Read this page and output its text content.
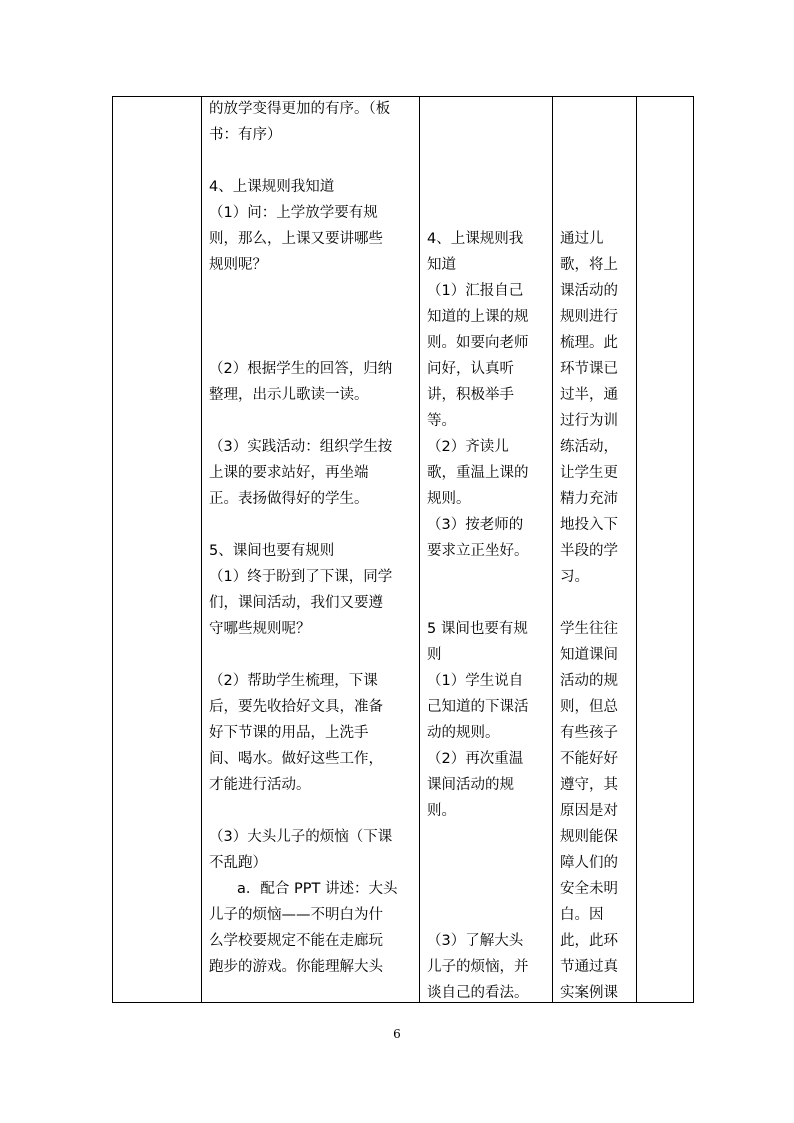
的放学变得更加的有序。（板
书：有序）
4、上课规则我知道
（1）问：上学放学要有规
则，那么，上课又要讲哪些
规则呢？
（2）根据学生的回答，归纳
整理，出示儿歌读一读。
（3）实践活动：组织学生按
上课的要求站好，再坐端
正。表扬做得好的学生。
5、课间也要有规则
（1）终于盼到了下课，同学
们，课间活动，我们又要遵
守哪些规则呢？
（2）帮助学生梳理，下课
后，要先收拾好文具，准备
好下节课的用品，上洗手
间、喝水。做好这些工作，
才能进行活动。
（3）大头儿子的烦恼（下课
不乱跑）
a．配合 PPT 讲述：大头
儿子的烦恼——不明白为什
么学校要规定不能在走廊玩
跑步的游戏。你能理解大头
4、上课规则我
知道
（1）汇报自己
知道的上课的规
则。如要向老师
问好，认真听
讲，积极举手
等。
（2）齐读儿
歌，重温上课的
规则。
（3）按老师的
要求立正坐好。
5 课间也要有规
则
（1）学生说自
己知道的下课活
动的规则。
（2）再次重温
课间活动的规
则。
（3）了解大头
儿子的烦恼，并
谈自己的看法。
通过儿
歌，将上
课活动的
规则进行
梳理。此
环节课已
过半，通
过行为训
练活动，
让学生更
精力充沛
地投入下
半段的学
习。
学生往往
知道课间
活动的规
则，但总
有些孩子
不能好好
遵守，其
原因是对
规则能保
障人们的
安全未明
白。因
此，此环
节通过真
实案例课
6
